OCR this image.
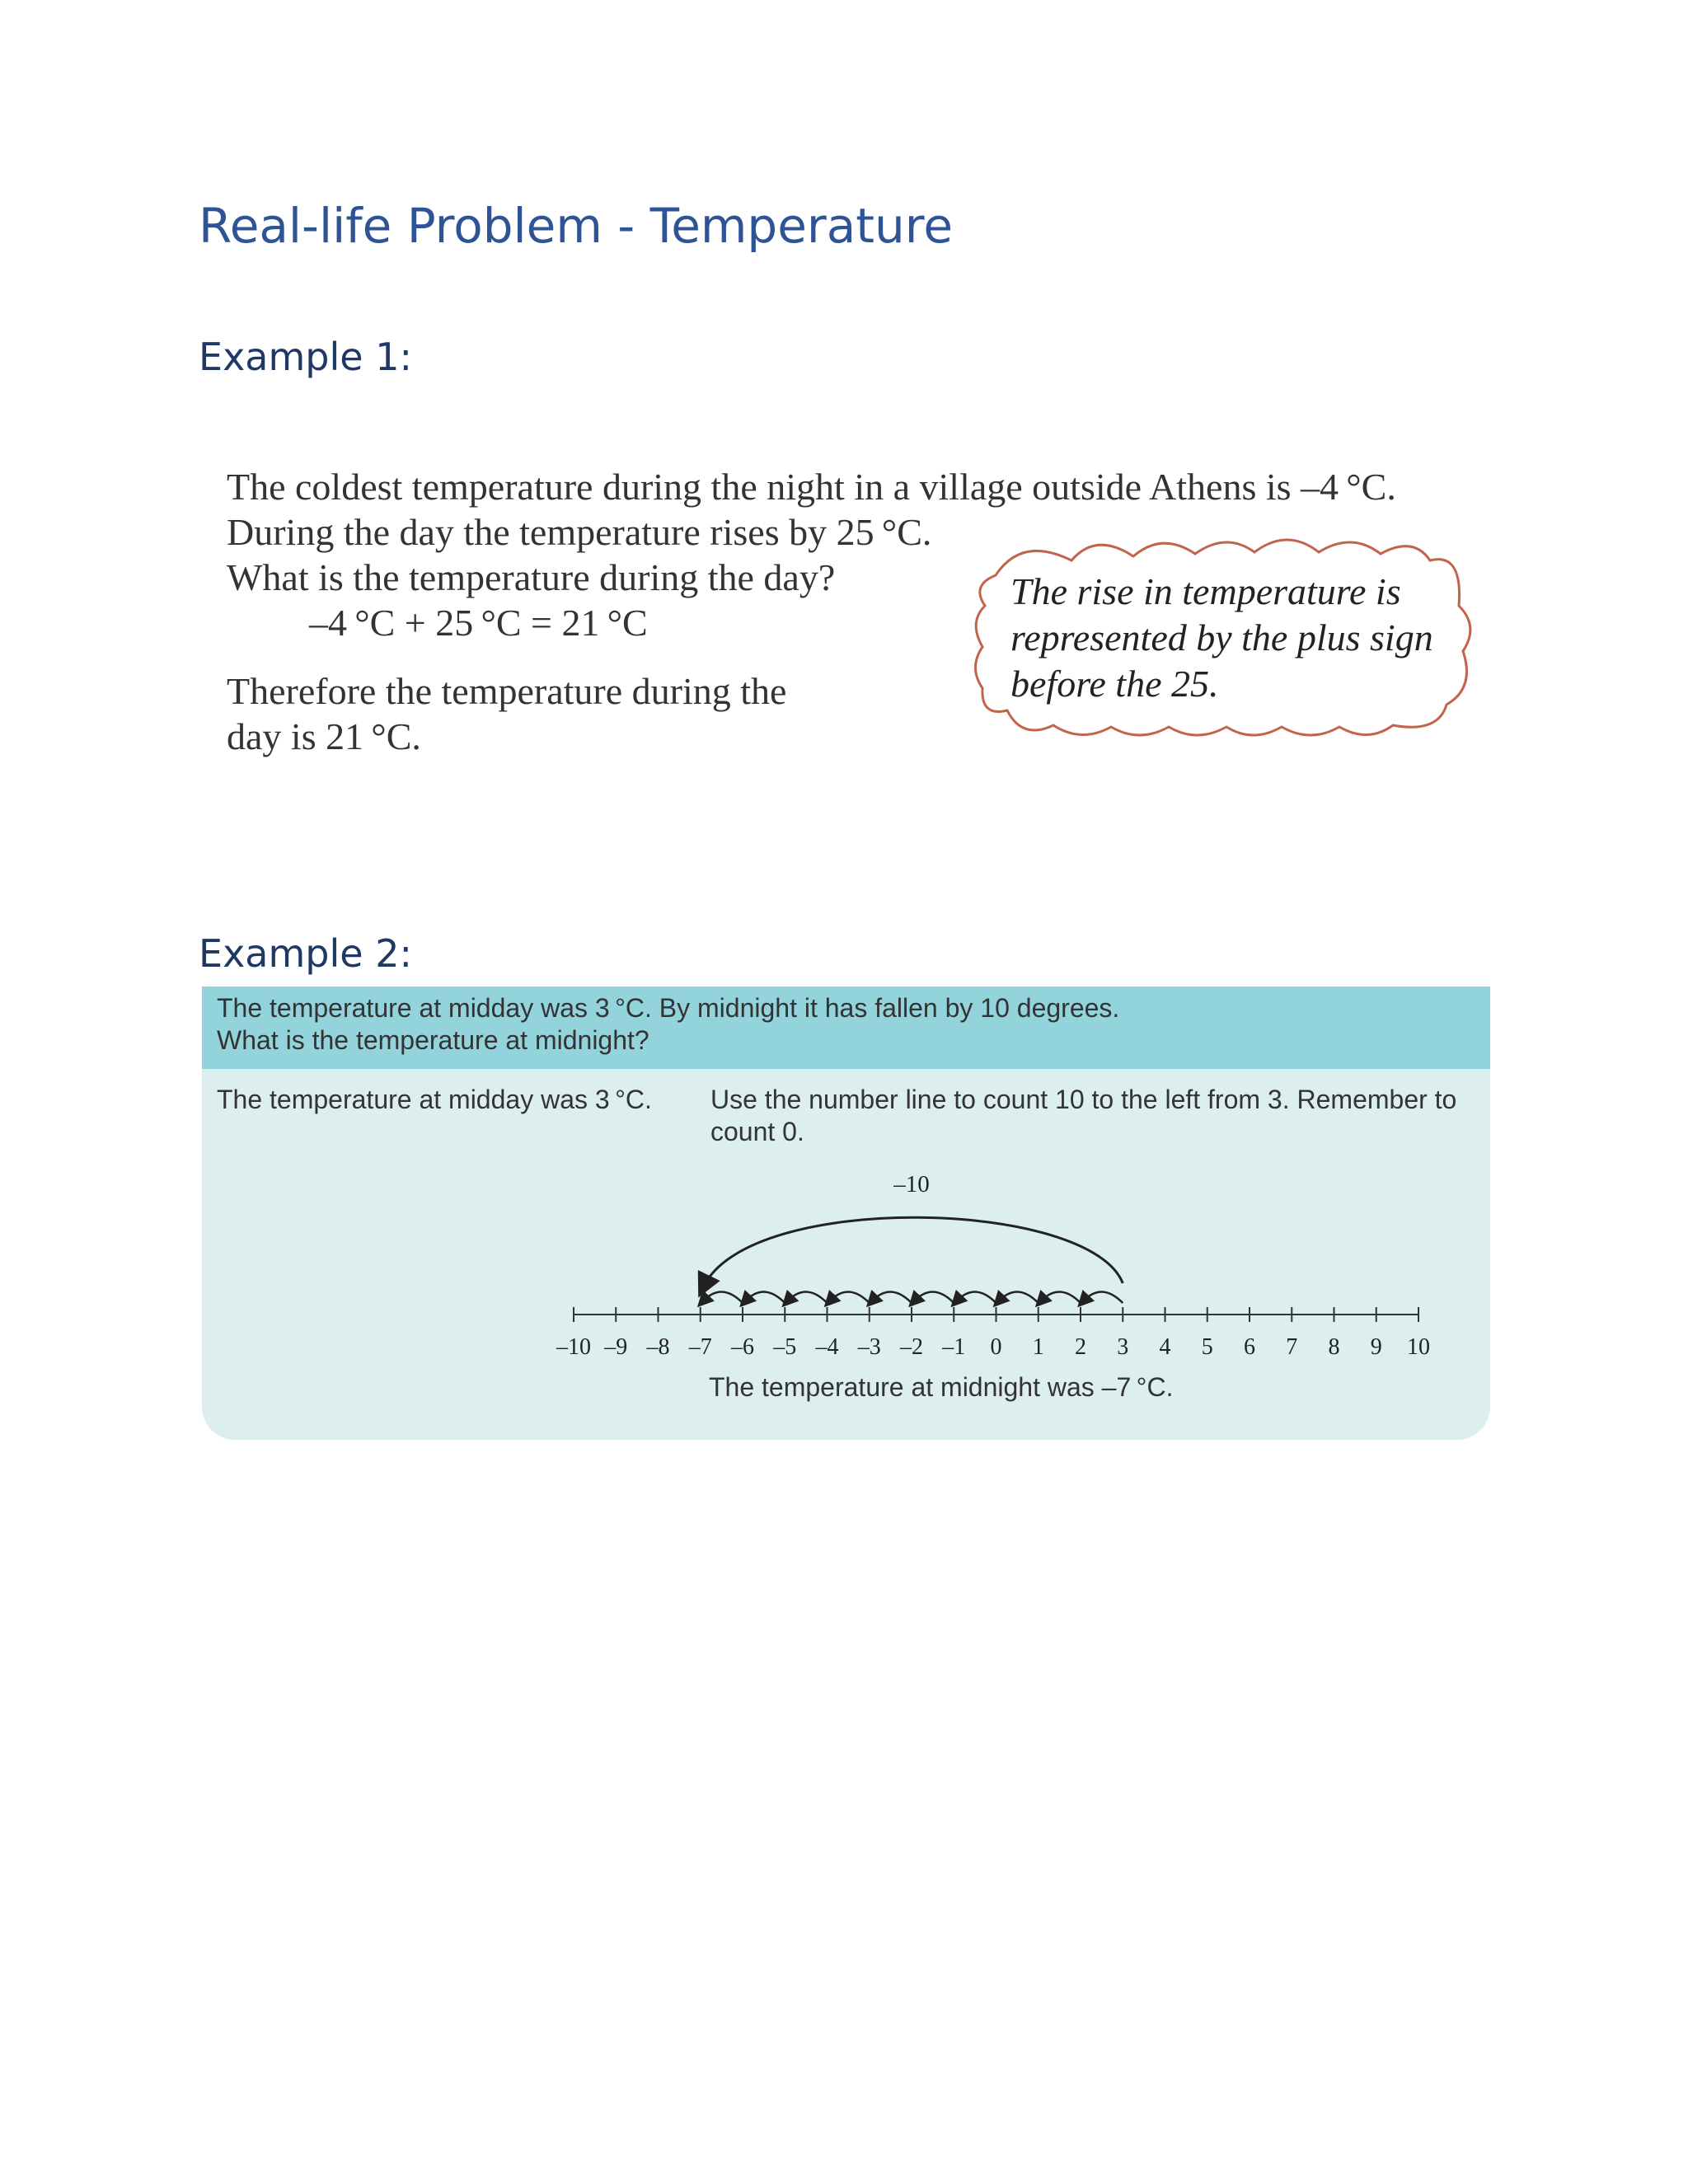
Real-life Problem - Temperature
Example 1:
The coldest temperature during the night in a village outside Athens is –4 °C.
During the day the temperature rises by 25 °C.
What is the temperature during the day?
–4 °C + 25 °C = 21 °C
Therefore the temperature during the
day is 21 °C.
The rise in temperature is
represented by the plus sign
before the 25.
Example 2:
The temperature at midday was 3 °C. By midnight it has fallen by 10 degrees.
What is the temperature at midnight?
The temperature at midday was 3 °C. Use the number line to count 10 to the left from 3. Remember to
count 0.
–10 –9 –8 –7 –6 –5 –4 –3 –2 –1 0 1 2 3 4 5 6 7 8 9 10
–10
The temperature at midnight was –7 °C.
